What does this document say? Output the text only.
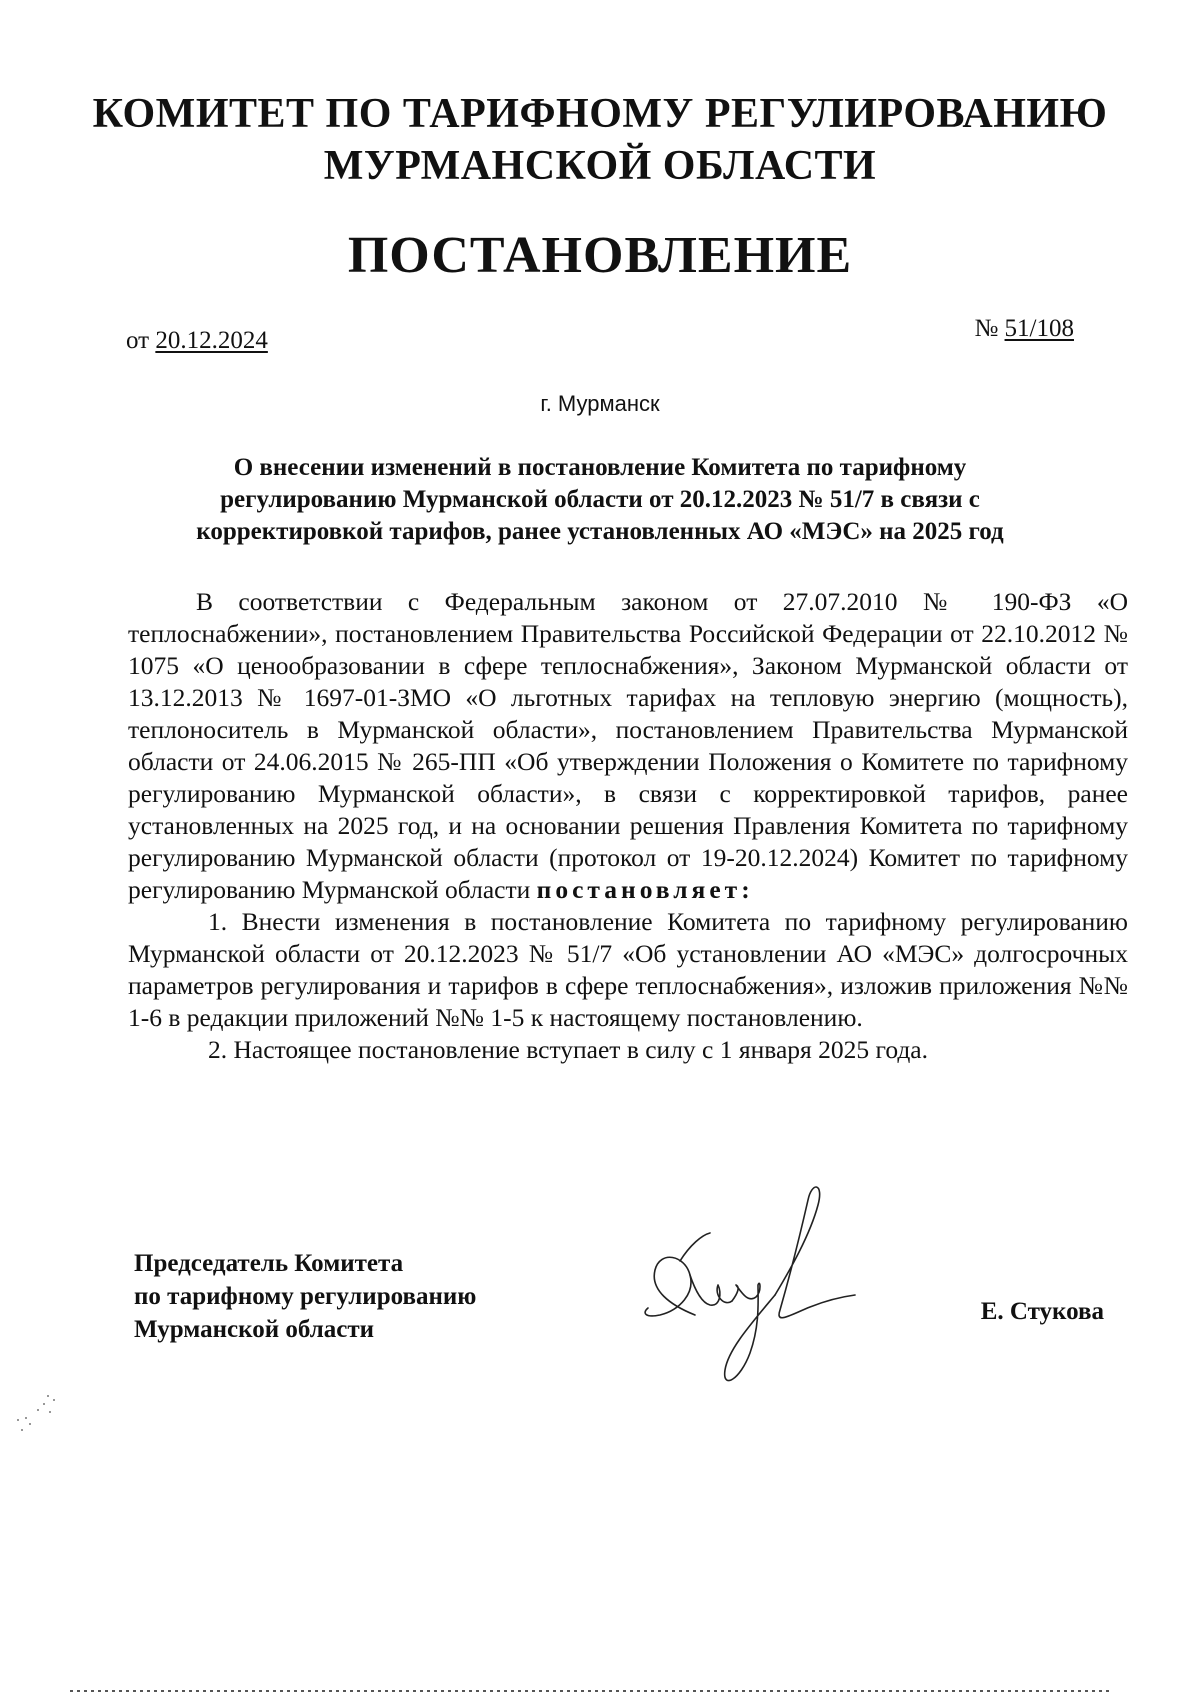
КОМИТЕТ ПО ТАРИФНОМУ РЕГУЛИРОВАНИЮ
МУРМАНСКОЙ ОБЛАСТИ
ПОСТАНОВЛЕНИЕ
от 20.12.2024	№ 51/108
г. Мурманск
О внесении изменений в постановление Комитета по тарифному
регулированию Мурманской области от 20.12.2023 № 51/7 в связи с
корректировкой тарифов, ранее установленных АО «МЭС» на 2025 год

В соответствии с Федеральным законом от 27.07.2010 № 190-ФЗ «О теплоснабжении», постановлением Правительства Российской Федерации от 22.10.2012 № 1075 «О ценообразовании в сфере теплоснабжения», Законом Мурманской области от 13.12.2013 № 1697-01-ЗМО «О льготных тарифах на тепловую энергию (мощность), теплоноситель в Мурманской области», постановлением Правительства Мурманской области от 24.06.2015 № 265-ПП «Об утверждении Положения о Комитете по тарифному регулированию Мурманской области», в связи с корректировкой тарифов, ранее установленных на 2025 год, и на основании решения Правления Комитета по тарифному регулированию Мурманской области (протокол от 19-20.12.2024) Комитет по тарифному регулированию Мурманской области постановляет:

1. Внести изменения в постановление Комитета по тарифному регулированию Мурманской области от 20.12.2023 № 51/7 «Об установлении АО «МЭС» долгосрочных параметров регулирования и тарифов в сфере теплоснабжения», изложив приложения №№ 1-6 в редакции приложений №№ 1-5 к настоящему постановлению.

2. Настоящее постановление вступает в силу с 1 января 2025 года.

Председатель Комитета
по тарифному регулированию
Мурманской области
Е. Стукова
